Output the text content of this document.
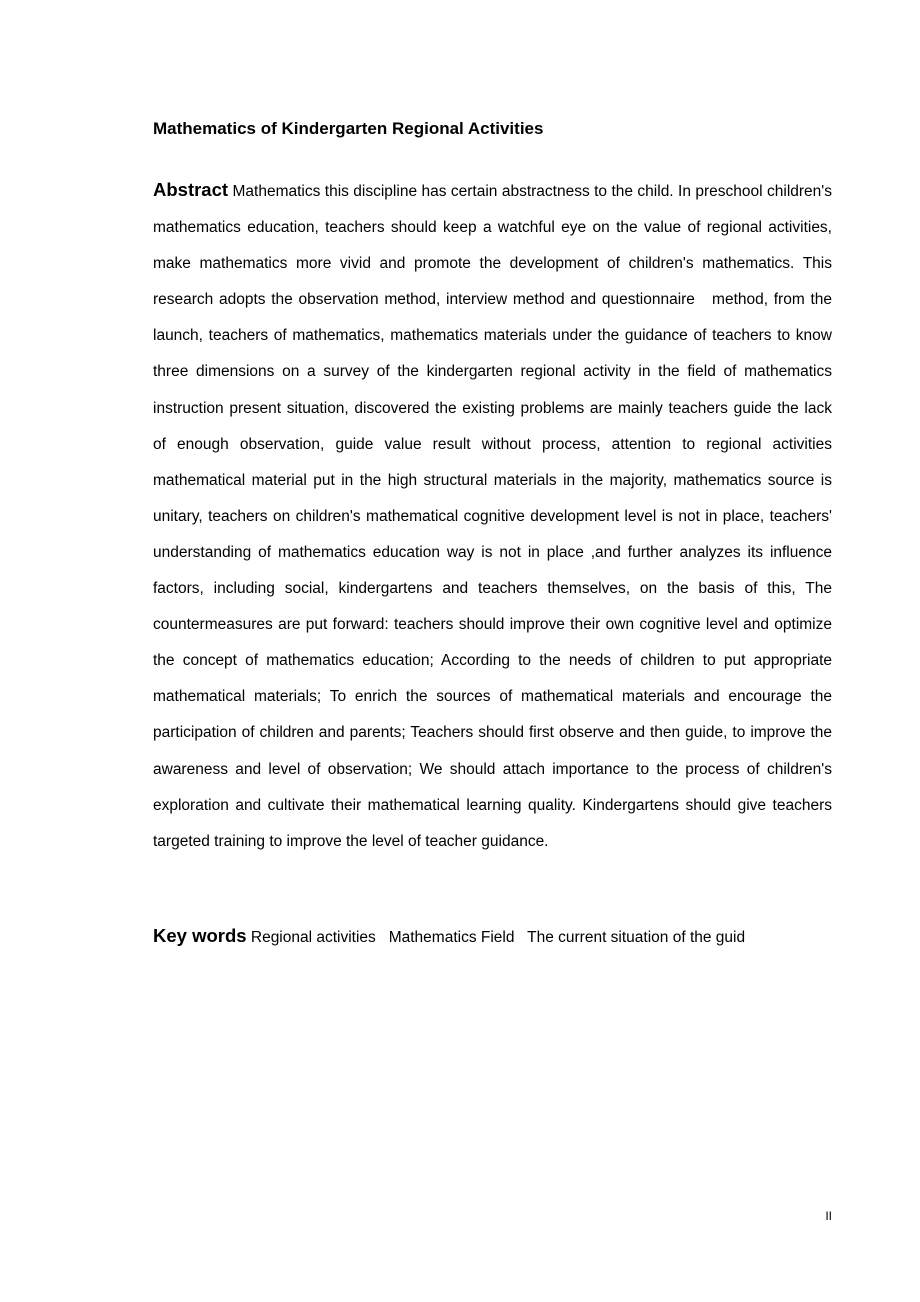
Mathematics of Kindergarten Regional Activities

Abstract Mathematics this discipline has certain abstractness to the child. In preschool children's mathematics education, teachers should keep a watchful eye on the value of regional activities, make mathematics more vivid and promote the development of children's mathematics. This research adopts the observation method, interview method and questionnaire   method, from the launch, teachers of mathematics, mathematics materials under the guidance of teachers to know three dimensions on a survey of the kindergarten regional activity in the field of mathematics instruction present situation, discovered the existing problems are mainly teachers guide the lack of enough observation, guide value result without process, attention to regional activities mathematical material put in the high structural materials in the majority, mathematics source is unitary, teachers on children's mathematical cognitive development level is not in place, teachers' understanding of mathematics education way is not in place ,and further analyzes its influence factors, including social, kindergartens and teachers themselves, on the basis of this, The countermeasures are put forward: teachers should improve their own cognitive level and optimize the concept of mathematics education; According to the needs of children to put appropriate mathematical materials; To enrich the sources of mathematical materials and encourage the participation of children and parents; Teachers should first observe and then guide, to improve the awareness and level of observation; We should attach importance to the process of children's exploration and cultivate their mathematical learning quality. Kindergartens should give teachers targeted training to improve the level of teacher guidance.

Key words Regional activities   Mathematics Field   The current situation of the guid

II
